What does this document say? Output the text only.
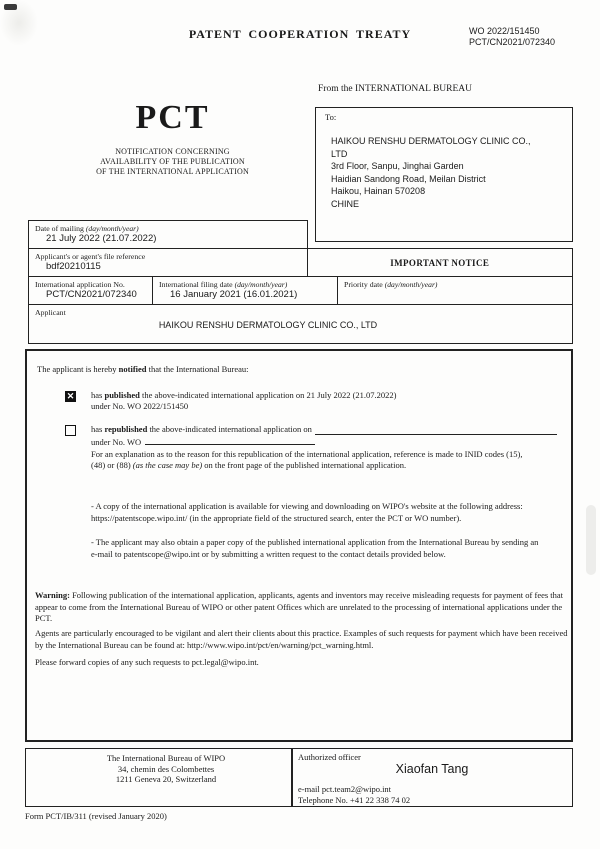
PATENT COOPERATION TREATY	WO 2022/151450
PCT/CN2021/072340
From the INTERNATIONAL BUREAU
PCT
NOTIFICATION CONCERNING
AVAILABILITY OF THE PUBLICATION
OF THE INTERNATIONAL APPLICATION
To:
HAIKOU RENSHU DERMATOLOGY CLINIC CO.,
LTD
3rd Floor, Sanpu, Jinghai Garden
Haidian Sandong Road, Meilan District
Haikou, Hainan 570208
CHINE
Date of mailing (day/month/year)
21 July 2022 (21.07.2022)
Applicant's or agent's file reference
bdf20210115	IMPORTANT NOTICE
International application No.
PCT/CN2021/072340
International filing date (day/month/year)
16 January 2021 (16.01.2021)
Priority date (day/month/year)
Applicant
HAIKOU RENSHU DERMATOLOGY CLINIC CO., LTD
The applicant is hereby notified that the International Bureau:
✕ has published the above-indicated international application on 21 July 2022 (21.07.2022)
under No. WO 2022/151450
has republished the above-indicated international application on
under No. WO
For an explanation as to the reason for this republication of the international application, reference is made to INID codes (15),
(48) or (88) (as the case may be) on the front page of the published international application.
- A copy of the international application is available for viewing and downloading on WIPO's website at the following address: https://patentscope.wipo.int/ (in the appropriate field of the structured search, enter the PCT or WO number).
- The applicant may also obtain a paper copy of the published international application from the International Bureau by sending an e-mail to patentscope@wipo.int or by submitting a written request to the contact details provided below.
Warning: Following publication of the international application, applicants, agents and inventors may receive misleading requests for payment of fees that appear to come from the International Bureau of WIPO or other patent Offices which are unrelated to the processing of international applications under the PCT.
Agents are particularly encouraged to be vigilant and alert their clients about this practice. Examples of such requests for payment which have been received by the International Bureau can be found at: http://www.wipo.int/pct/en/warning/pct_warning.html.
Please forward copies of any such requests to pct.legal@wipo.int.
The International Bureau of WIPO
34, chemin des Colombettes
1211 Geneva 20, Switzerland
Authorized officer
Xiaofan Tang
e-mail pct.team2@wipo.int
Telephone No. +41 22 338 74 02
Form PCT/IB/311 (revised January 2020)
